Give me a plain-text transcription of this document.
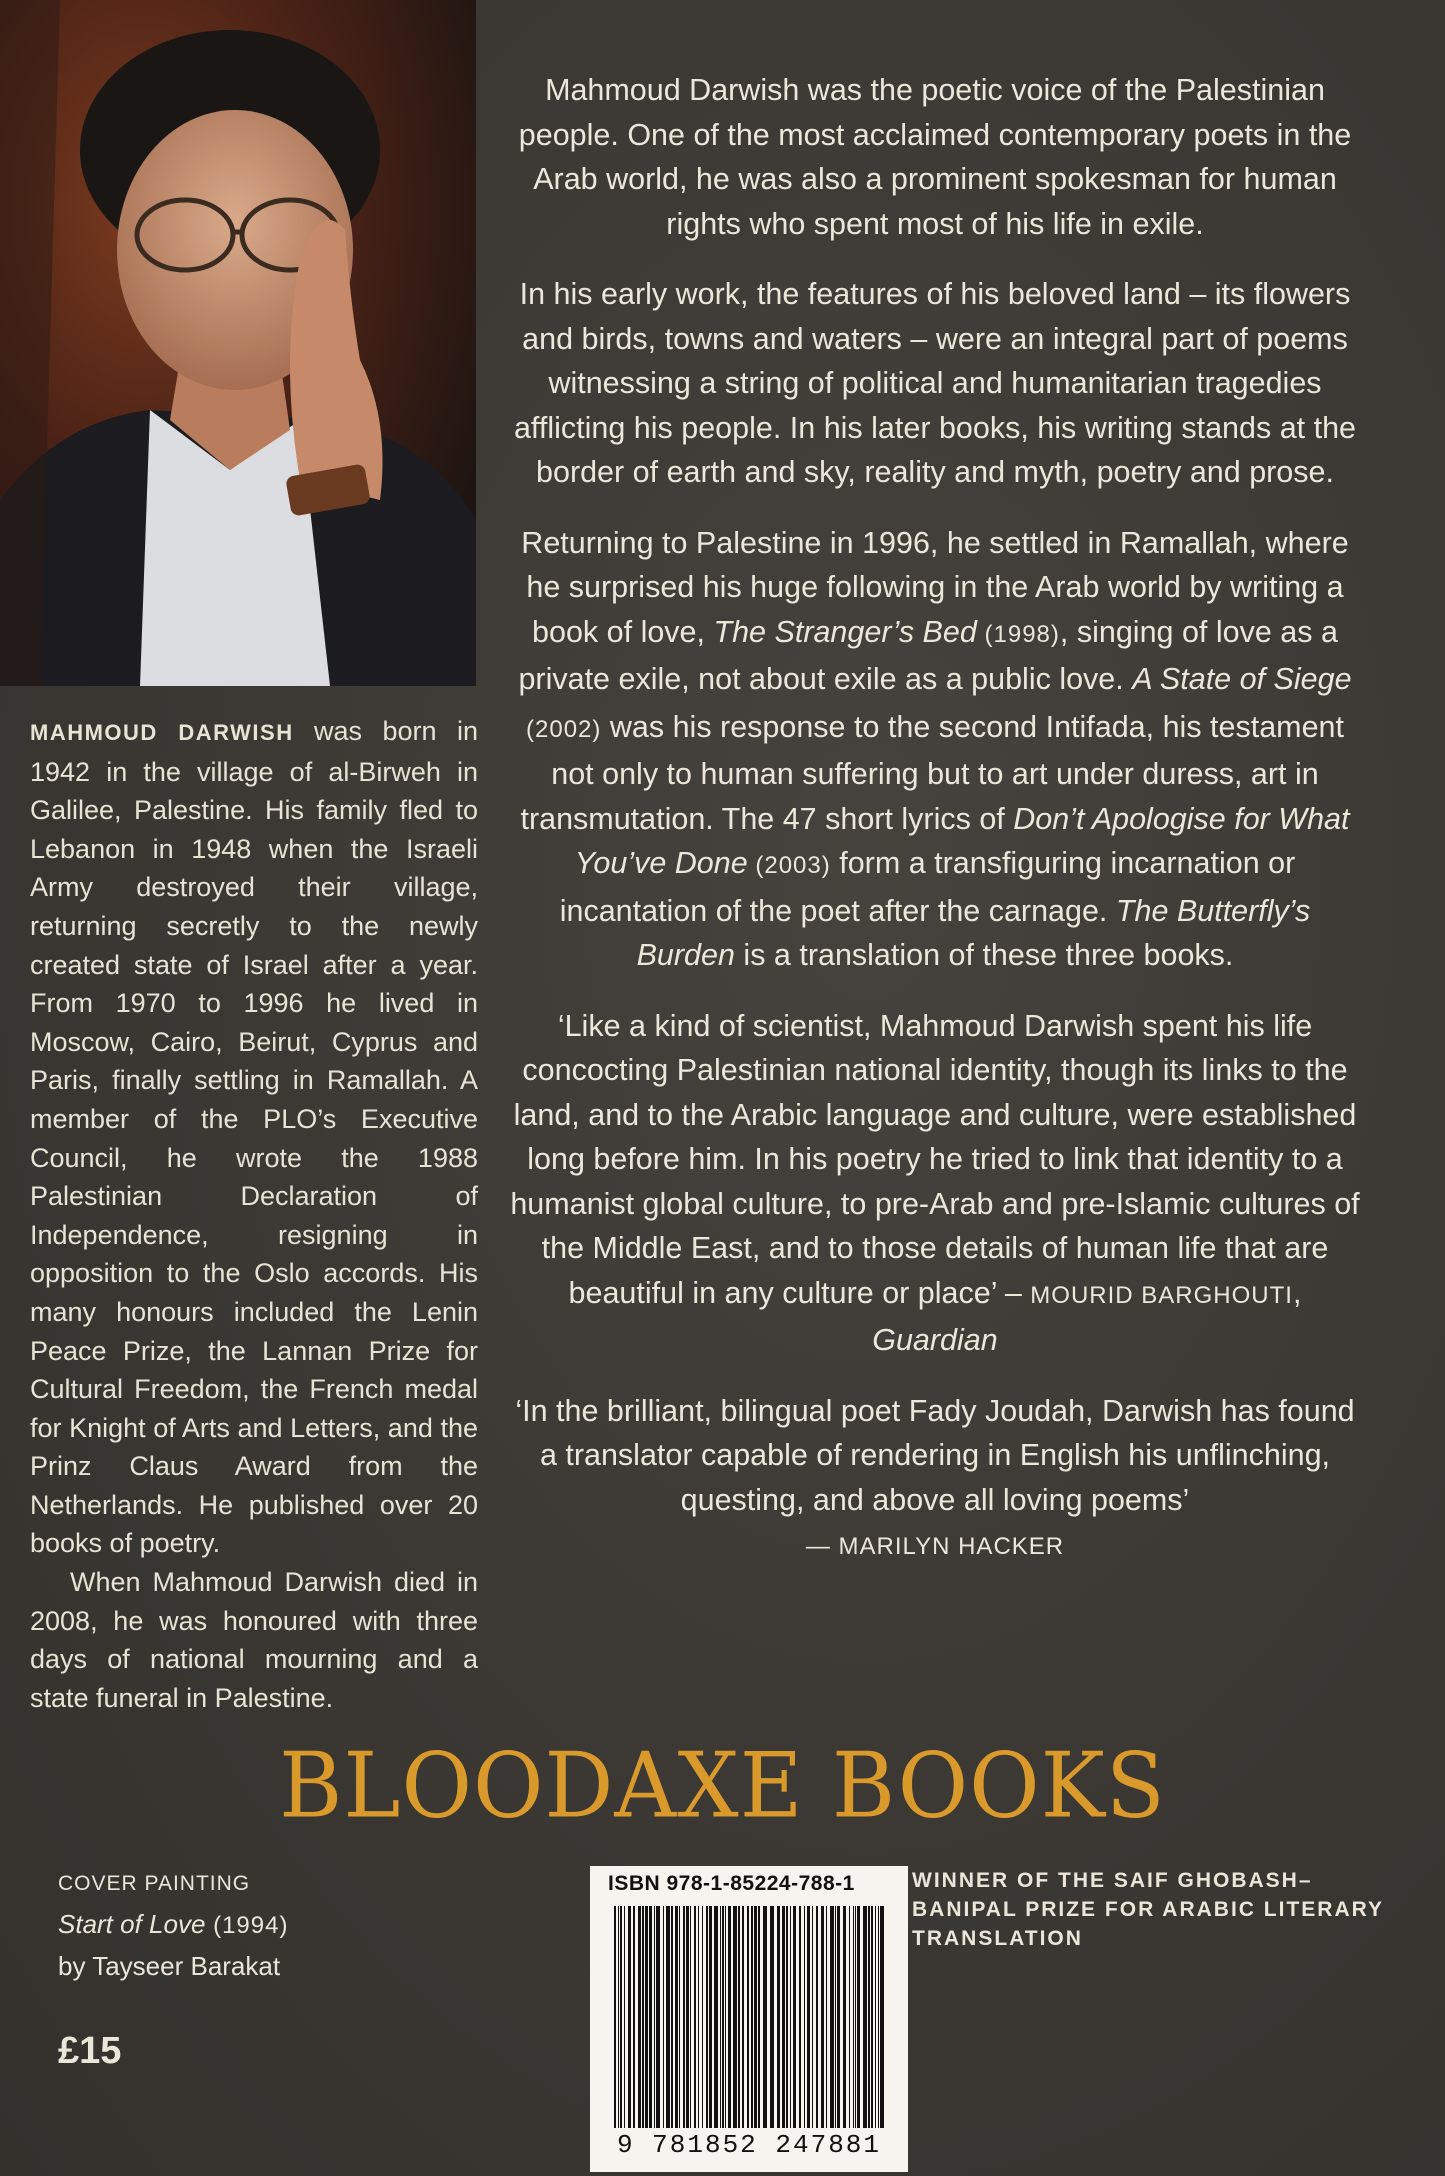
MAHMOUD DARWISH was born in 1942 in the village of al-Birweh in Galilee, Palestine. His family fled to Lebanon in 1948 when the Israeli Army destroyed their village, returning secretly to the newly created state of Israel after a year. From 1970 to 1996 he lived in Moscow, Cairo, Beirut, Cyprus and Paris, finally settling in Ramallah. A member of the PLO’s Executive Council, he wrote the 1988 Palestinian Declaration of Independence, resigning in opposition to the Oslo accords. His many honours included the Lenin Peace Prize, the Lannan Prize for Cultural Freedom, the French medal for Knight of Arts and Letters, and the Prinz Claus Award from the Netherlands. He published over 20 books of poetry.

When Mahmoud Darwish died in 2008, he was honoured with three days of national mourning and a state funeral in Palestine.

Mahmoud Darwish was the poetic voice of the Palestinian people. One of the most acclaimed contemporary poets in the Arab world, he was also a prominent spokesman for human rights who spent most of his life in exile.

In his early work, the features of his beloved land – its flowers and birds, towns and waters – were an integral part of poems witnessing a string of political and humanitarian tragedies afflicting his people. In his later books, his writing stands at the border of earth and sky, reality and myth, poetry and prose.

Returning to Palestine in 1996, he settled in Ramallah, where he surprised his huge following in the Arab world by writing a book of love, The Stranger’s Bed (1998), singing of love as a private exile, not about exile as a public love. A State of Siege (2002) was his response to the second Intifada, his testament not only to human suffering but to art under duress, art in transmutation. The 47 short lyrics of Don’t Apologise for What You’ve Done (2003) form a transfiguring incarnation or incantation of the poet after the carnage. The Butterfly’s Burden is a translation of these three books.

‘Like a kind of scientist, Mahmoud Darwish spent his life concocting Palestinian national identity, though its links to the land, and to the Arabic language and culture, were established long before him. In his poetry he tried to link that identity to a humanist global culture, to pre-Arab and pre-Islamic cultures of the Middle East, and to those details of human life that are beautiful in any culture or place’ – MOURID BARGHOUTI, Guardian

‘In the brilliant, bilingual poet Fady Joudah, Darwish has found a translator capable of rendering in English his unflinching, questing, and above all loving poems’
— MARILYN HACKER

BLOODAXE BOOKS
COVER PAINTING
Start of Love (1994)
by Tayseer Barakat
£15
ISBN 978-1-85224-788-1
9 781852 247881
WINNER OF THE SAIF GHOBASH–BANIPAL PRIZE FOR ARABIC LITERARY TRANSLATION
